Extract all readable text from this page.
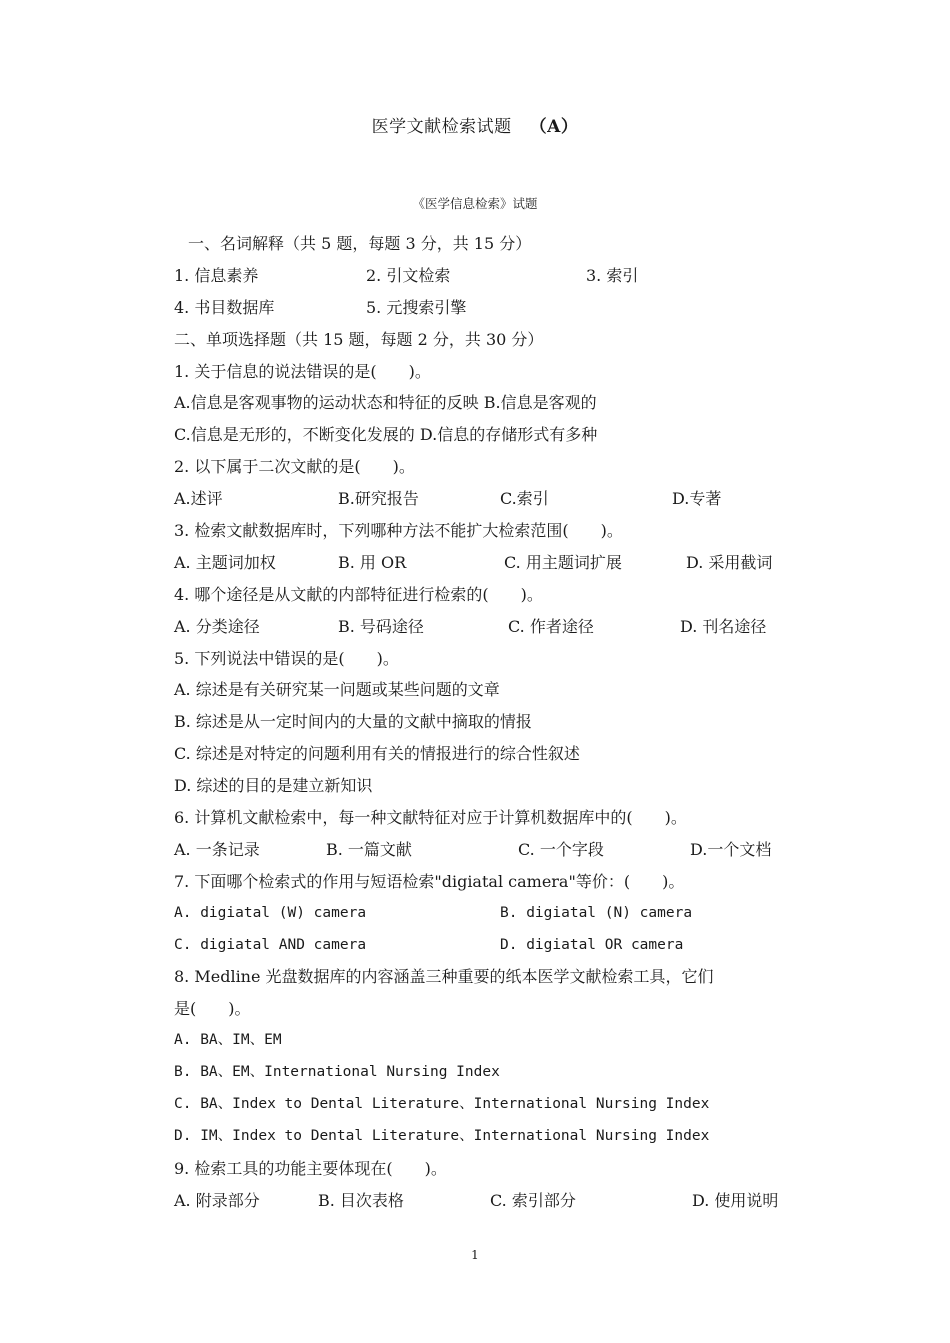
医学文献检索试题 （A）
《医学信息检索》试题
一、名词解释（共 5 题，每题 3 分，共 15 分）
1. 信息素养	2. 引文检索	3. 索引
4. 书目数据库	5. 元搜索引擎
二、单项选择题（共 15 题，每题 2 分，共 30 分）
1. 关于信息的说法错误的是(　　)。
A.信息是客观事物的运动状态和特征的反映 B.信息是客观的
C.信息是无形的，不断变化发展的 D.信息的存储形式有多种
2. 以下属于二次文献的是(　　)。
A.述评	B.研究报告	C.索引	D.专著
3. 检索文献数据库时，下列哪种方法不能扩大检索范围(　　)。
A. 主题词加权	B. 用 OR	C. 用主题词扩展	D. 采用截词
4. 哪个途径是从文献的内部特征进行检索的(　　)。
A. 分类途径	B. 号码途径	C. 作者途径	D. 刊名途径
5. 下列说法中错误的是(　　)。
A. 综述是有关研究某一问题或某些问题的文章
B. 综述是从一定时间内的大量的文献中摘取的情报
C. 综述是对特定的问题利用有关的情报进行的综合性叙述
D. 综述的目的是建立新知识
6. 计算机文献检索中，每一种文献特征对应于计算机数据库中的(　　)。
A. 一条记录	B. 一篇文献	C. 一个字段	D.一个文档
7. 下面哪个检索式的作用与短语检索"digiatal camera"等价：(　　)。
A. digiatal (W) camera	B. digiatal (N) camera
C. digiatal AND camera	D. digiatal OR camera
8. Medline 光盘数据库的内容涵盖三种重要的纸本医学文献检索工具，它们
是(　　)。
A. BA、IM、EM
B. BA、EM、International Nursing Index
C. BA、Index to Dental Literature、International Nursing Index
D. IM、Index to Dental Literature、International Nursing Index
9. 检索工具的功能主要体现在(　　)。
A. 附录部分	B. 目次表格	C. 索引部分	D. 使用说明
1
